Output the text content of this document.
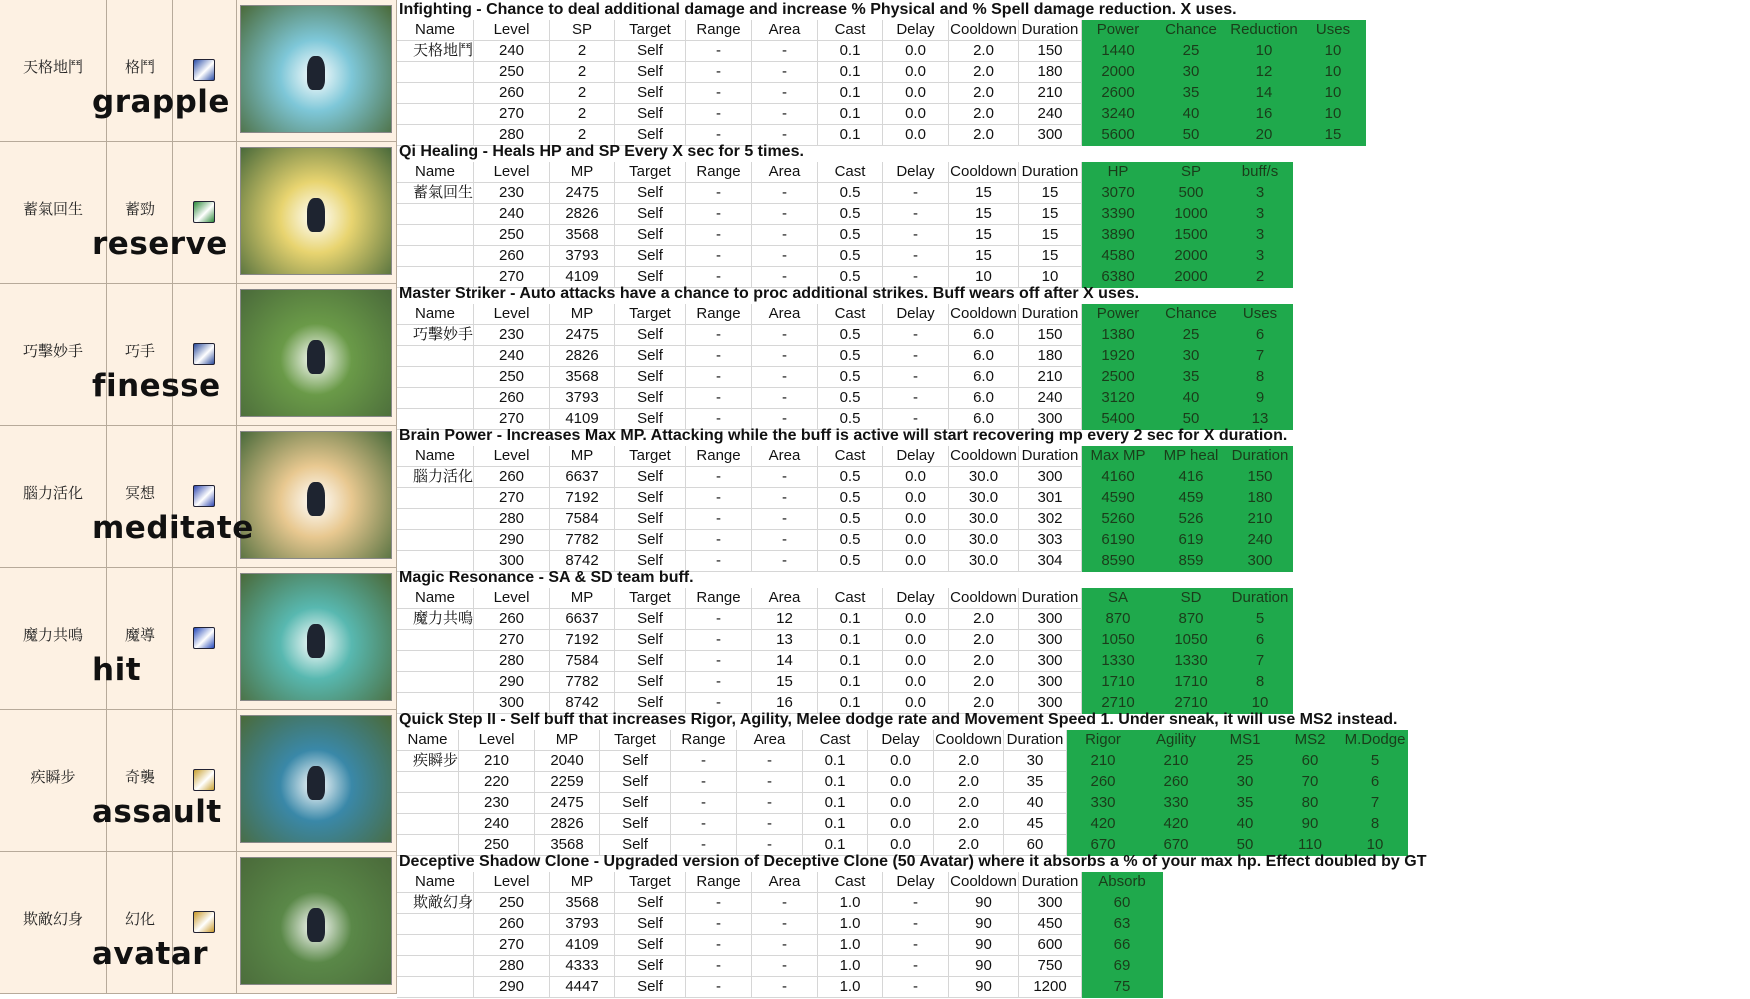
天格地鬥	格鬥
grapple
Infighting - Chance to deal additional damage and increase % Physical and % Spell damage reduction. X uses.
Name	Level	SP	Target	Range	Area	Cast	Delay	Cooldown	Duration	Power	Chance	Reduction	Uses
天格地鬥	240	2	Self	-	-	0.1	0.0	2.0	150	1440	25	10	10
	250	2	Self	-	-	0.1	0.0	2.0	180	2000	30	12	10
	260	2	Self	-	-	0.1	0.0	2.0	210	2600	35	14	10
	270	2	Self	-	-	0.1	0.0	2.0	240	3240	40	16	10
	280	2	Self	-	-	0.1	0.0	2.0	300	5600	50	20	15
蓄氣回生	蓄勁
reserve
Qi Healing - Heals HP and SP Every X sec for 5 times.
Name	Level	MP	Target	Range	Area	Cast	Delay	Cooldown	Duration	HP	SP	buff/s
蓄氣回生	230	2475	Self	-	-	0.5	-	15	15	3070	500	3
	240	2826	Self	-	-	0.5	-	15	15	3390	1000	3
	250	3568	Self	-	-	0.5	-	15	15	3890	1500	3
	260	3793	Self	-	-	0.5	-	15	15	4580	2000	3
	270	4109	Self	-	-	0.5	-	10	10	6380	2000	2
巧擊妙手	巧手
finesse
Master Striker - Auto attacks have a chance to proc additional strikes. Buff wears off after X uses.
Name	Level	MP	Target	Range	Area	Cast	Delay	Cooldown	Duration	Power	Chance	Uses
巧擊妙手	230	2475	Self	-	-	0.5	-	6.0	150	1380	25	6
	240	2826	Self	-	-	0.5	-	6.0	180	1920	30	7
	250	3568	Self	-	-	0.5	-	6.0	210	2500	35	8
	260	3793	Self	-	-	0.5	-	6.0	240	3120	40	9
	270	4109	Self	-	-	0.5	-	6.0	300	5400	50	13
腦力活化	冥想
meditate
Brain Power - Increases Max MP. Attacking while the buff is active will start recovering mp every 2 sec for X duration.
Name	Level	MP	Target	Range	Area	Cast	Delay	Cooldown	Duration	Max MP	MP heal	Duration
腦力活化	260	6637	Self	-	-	0.5	0.0	30.0	300	4160	416	150
	270	7192	Self	-	-	0.5	0.0	30.0	301	4590	459	180
	280	7584	Self	-	-	0.5	0.0	30.0	302	5260	526	210
	290	7782	Self	-	-	0.5	0.0	30.0	303	6190	619	240
	300	8742	Self	-	-	0.5	0.0	30.0	304	8590	859	300
魔力共鳴	魔導
hit
Magic Resonance - SA & SD team buff.
Name	Level	MP	Target	Range	Area	Cast	Delay	Cooldown	Duration	SA	SD	Duration
魔力共鳴	260	6637	Self	-	12	0.1	0.0	2.0	300	870	870	5
	270	7192	Self	-	13	0.1	0.0	2.0	300	1050	1050	6
	280	7584	Self	-	14	0.1	0.0	2.0	300	1330	1330	7
	290	7782	Self	-	15	0.1	0.0	2.0	300	1710	1710	8
	300	8742	Self	-	16	0.1	0.0	2.0	300	2710	2710	10
疾瞬步	奇襲
assault
Quick Step II - Self buff that increases Rigor, Agility, Melee dodge rate and Movement Speed 1. Under sneak, it will use MS2 instead.
Name	Level	MP	Target	Range	Area	Cast	Delay	Cooldown	Duration	Rigor	Agility	MS1	MS2	M.Dodge
疾瞬步	210	2040	Self	-	-	0.1	0.0	2.0	30	210	210	25	60	5
	220	2259	Self	-	-	0.1	0.0	2.0	35	260	260	30	70	6
	230	2475	Self	-	-	0.1	0.0	2.0	40	330	330	35	80	7
	240	2826	Self	-	-	0.1	0.0	2.0	45	420	420	40	90	8
	250	3568	Self	-	-	0.1	0.0	2.0	60	670	670	50	110	10
欺敵幻身	幻化
avatar
Deceptive Shadow Clone - Upgraded version of Deceptive Clone (50 Avatar) where it absorbs a % of your max hp. Effect doubled by GT
Name	Level	MP	Target	Range	Area	Cast	Delay	Cooldown	Duration	Absorb
欺敵幻身	250	3568	Self	-	-	1.0	-	90	300	60
	260	3793	Self	-	-	1.0	-	90	450	63
	270	4109	Self	-	-	1.0	-	90	600	66
	280	4333	Self	-	-	1.0	-	90	750	69
	290	4447	Self	-	-	1.0	-	90	1200	75
